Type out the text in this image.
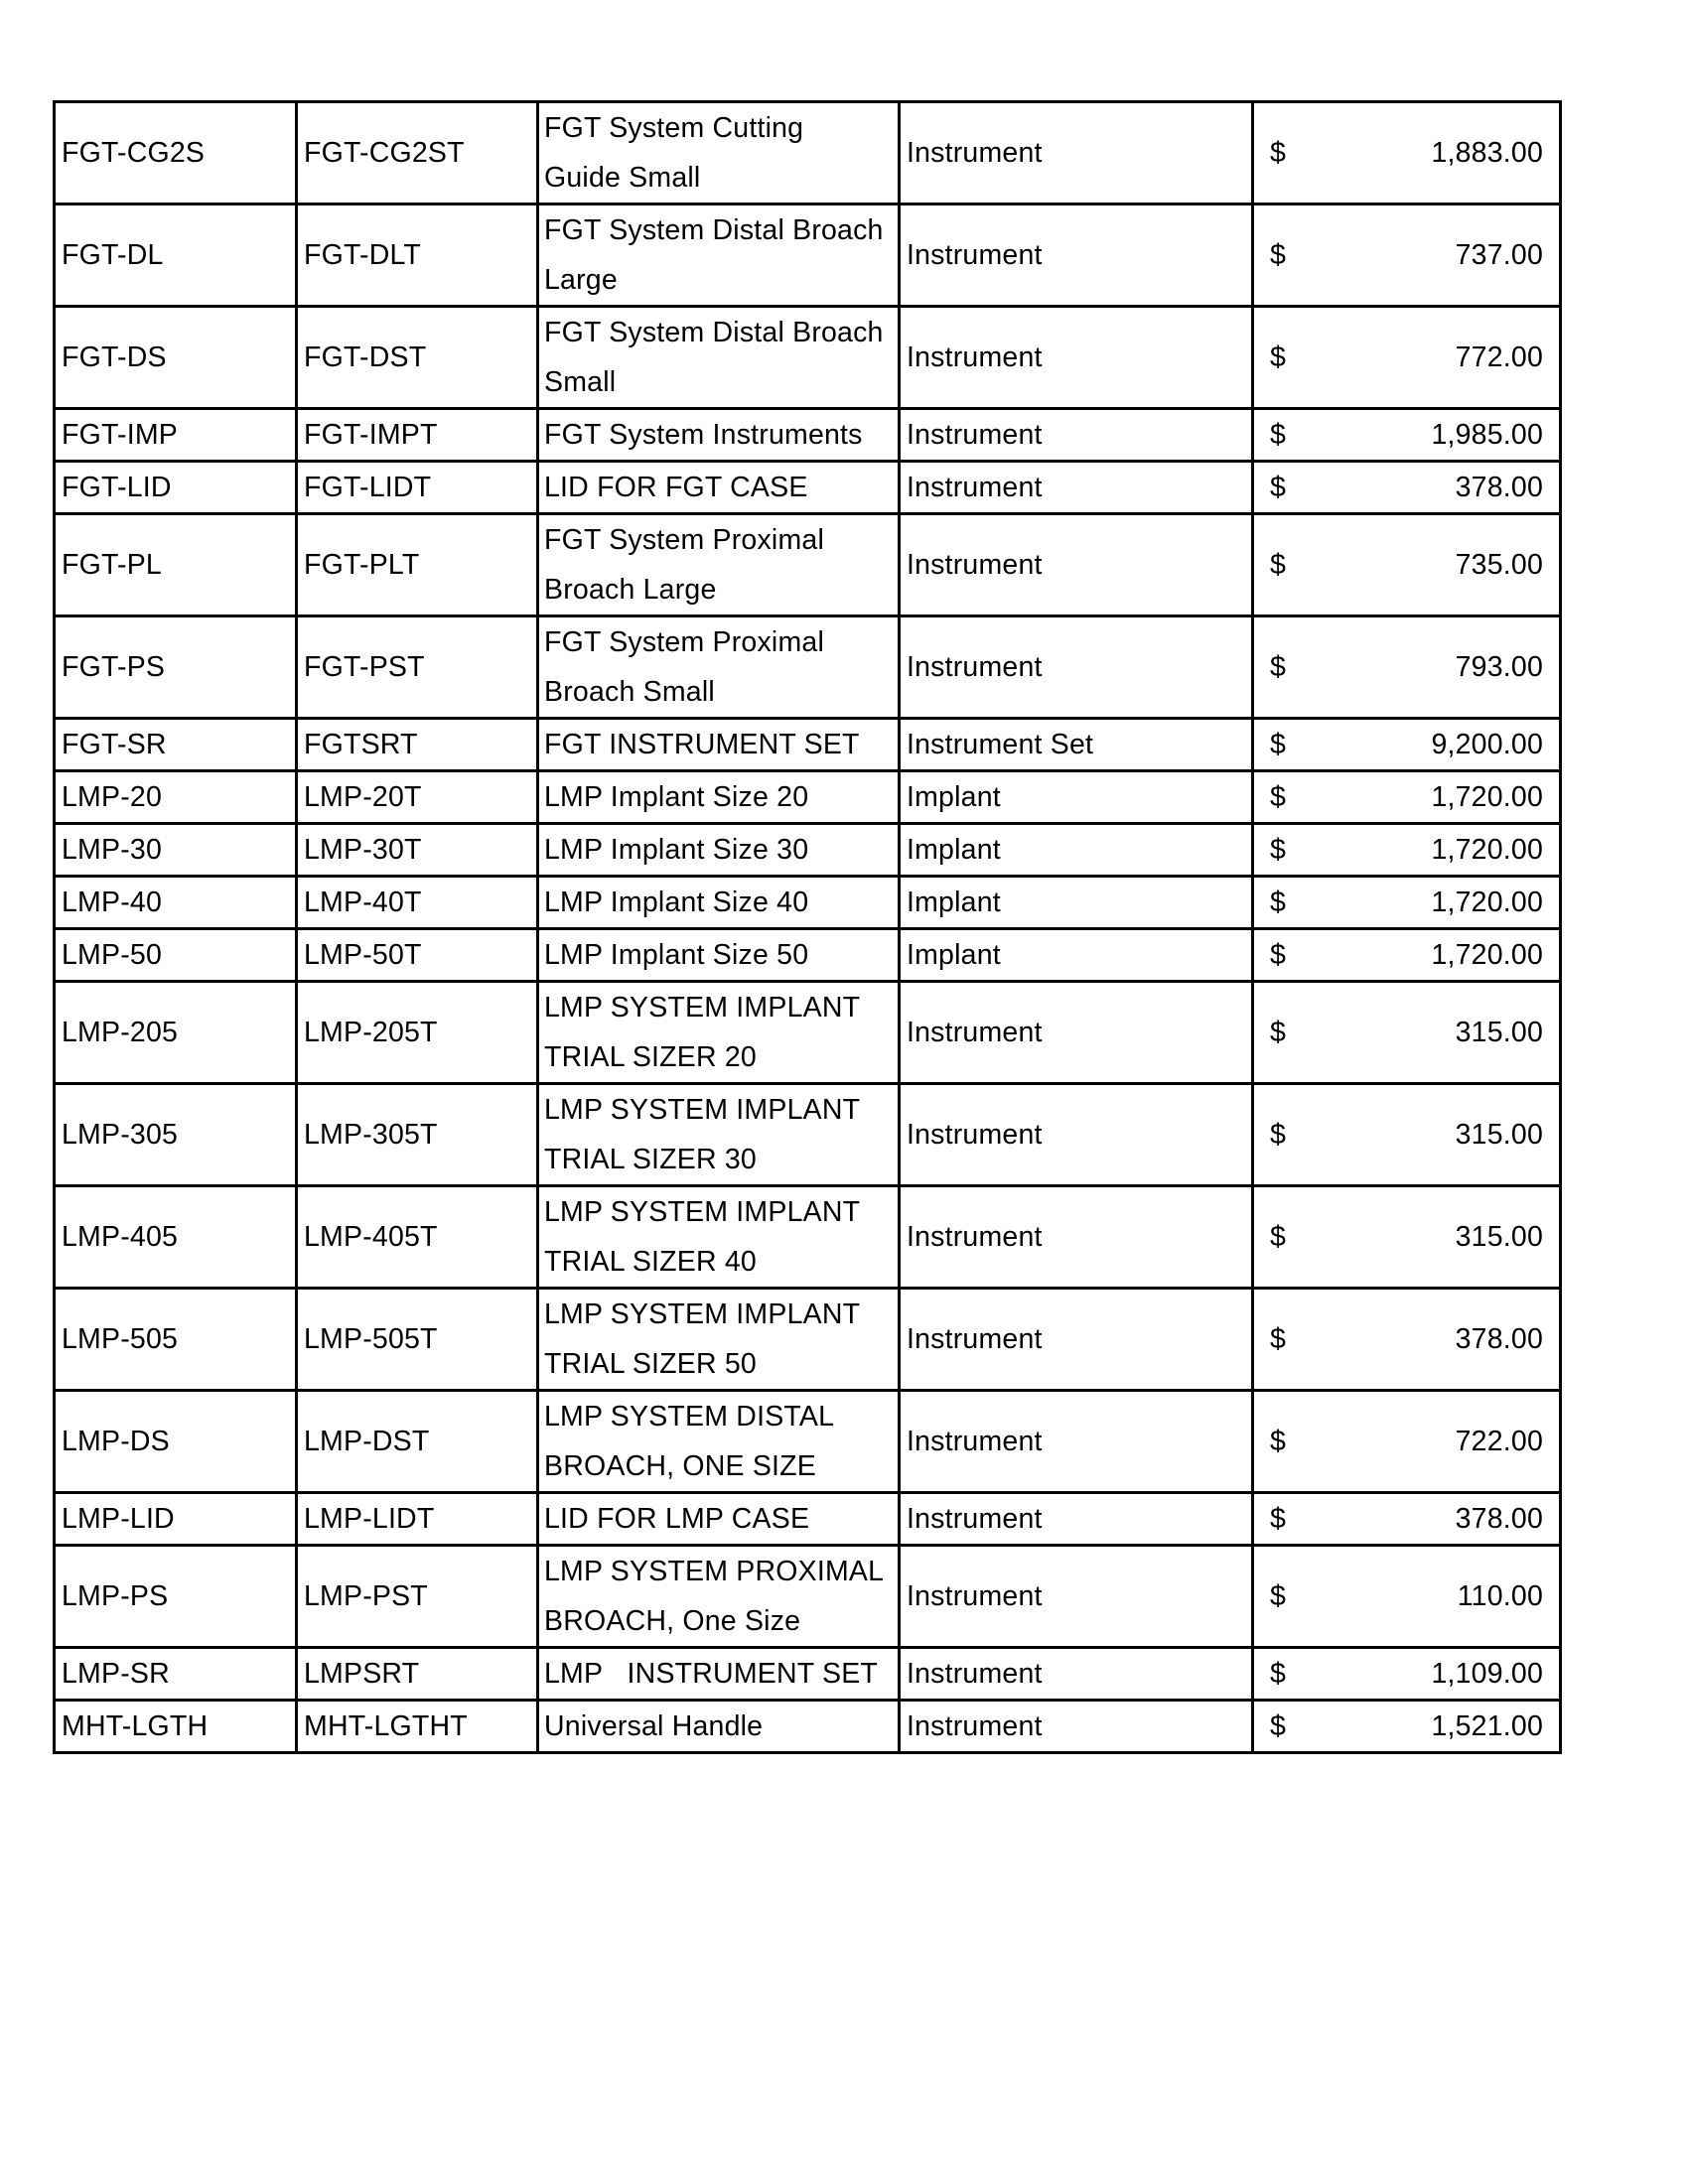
FGT-CG2S	FGT-CG2ST	FGT System Cutting
Guide Small	Instrument	$ 1,883.00

FGT-DL	FGT-DLT	FGT System Distal Broach
Large	Instrument	$ 737.00

FGT-DS	FGT-DST	FGT System Distal Broach
Small	Instrument	$ 772.00

FGT-IMP	FGT-IMPT	FGT System Instruments	Instrument	$ 1,985.00

FGT-LID	FGT-LIDT	LID FOR FGT CASE	Instrument	$ 378.00

FGT-PL	FGT-PLT	FGT System Proximal
Broach Large	Instrument	$ 735.00

FGT-PS	FGT-PST	FGT System Proximal
Broach Small	Instrument	$ 793.00

FGT-SR	FGTSRT	FGT INSTRUMENT SET	Instrument Set	$ 9,200.00

LMP-20	LMP-20T	LMP Implant Size 20	Implant	$ 1,720.00

LMP-30	LMP-30T	LMP Implant Size 30	Implant	$ 1,720.00

LMP-40	LMP-40T	LMP Implant Size 40	Implant	$ 1,720.00

LMP-50	LMP-50T	LMP Implant Size 50	Implant	$ 1,720.00

LMP-205	LMP-205T	LMP SYSTEM IMPLANT
TRIAL SIZER 20	Instrument	$ 315.00

LMP-305	LMP-305T	LMP SYSTEM IMPLANT
TRIAL SIZER 30	Instrument	$ 315.00

LMP-405	LMP-405T	LMP SYSTEM IMPLANT
TRIAL SIZER 40	Instrument	$ 315.00

LMP-505	LMP-505T	LMP SYSTEM IMPLANT
TRIAL SIZER 50	Instrument	$ 378.00

LMP-DS	LMP-DST	LMP SYSTEM DISTAL
BROACH, ONE SIZE	Instrument	$ 722.00

LMP-LID	LMP-LIDT	LID FOR LMP CASE	Instrument	$ 378.00

LMP-PS	LMP-PST	LMP SYSTEM PROXIMAL
BROACH, One Size	Instrument	$ 110.00

LMP-SR	LMPSRT	LMP   INSTRUMENT SET	Instrument	$ 1,109.00

MHT-LGTH	MHT-LGTHT	Universal Handle	Instrument	$ 1,521.00
